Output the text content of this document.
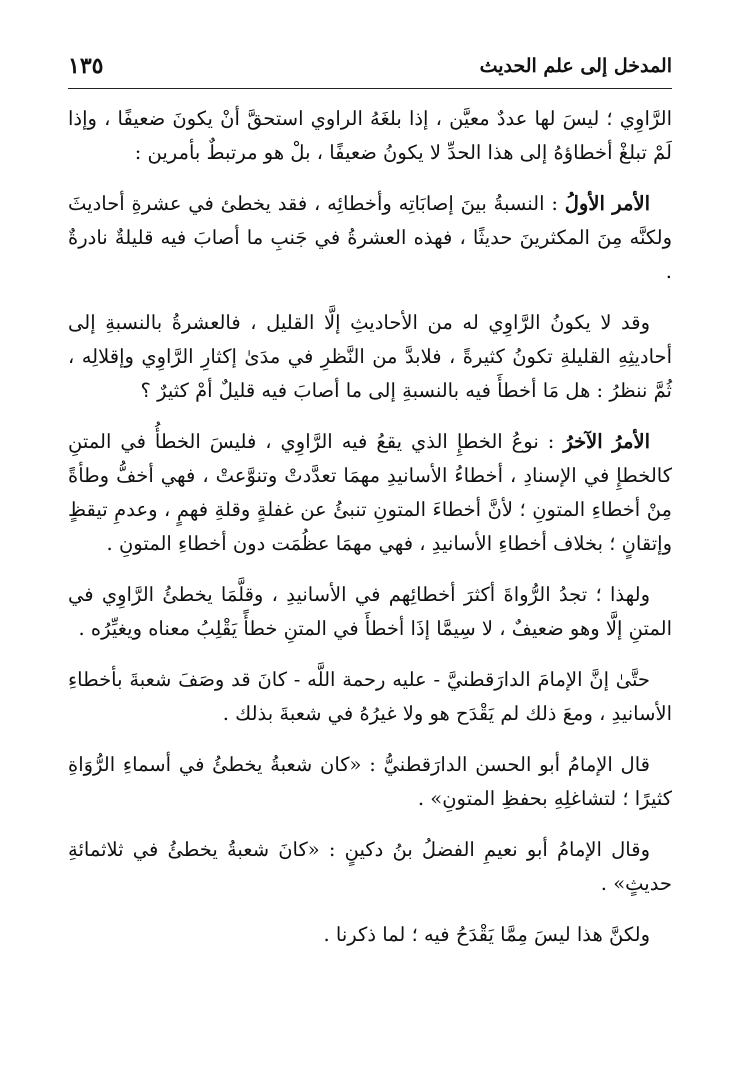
المدخل إلى علم الحديث
١٣٥

الرَّاوِي ؛ ليسَ لها عددٌ معيَّن ، إذا بلغَهُ الراوي استحقَّ أنْ يكونَ ضعيفًا ، وإذا لَمْ تبلغْ أخطاؤهُ إلى هذا الحدِّ لا يكونُ ضعيفًا ، بلْ هو مرتبطٌ بأمرين :

الأمر الأولُ : النسبةُ بينَ إصابَاتِه وأخطائِه ، فقد يخطئ في عشرةِ أحاديثَ ولكنَّه مِنَ المكثرينَ حديثًا ، فهذه العشرةُ في جَنبِ ما أصابَ فيه قليلةٌ نادرةٌ .

وقد لا يكونُ الرَّاوِي له من الأحاديثِ إلَّا القليل ، فالعشرةُ بالنسبةِ إلى أحاديثِهِ القليلةِ تكونُ كثيرةً ، فلابدَّ من النَّظرِ في مدَىٰ إكثارِ الرَّاوِي وإقلالِه ، ثُمَّ ننظرُ : هل مَا أخطأَ فيه بالنسبةِ إلى ما أصابَ فيه قليلٌ أمْ كثيرٌ ؟

الأمرُ الآخرُ : نوعُ الخطإِ الذي يقعُ فيه الرَّاوِي ، فليسَ الخطأُ في المتنِ كالخطإِ في الإسنادِ ، أخطاءُ الأسانيدِ مهمَا تعدَّدتْ وتنوَّعتْ ، فهي أخفُّ وطأةً مِنْ أخطاءِ المتونِ ؛ لأنَّ أخطاءَ المتونِ تنبئُ عن غفلةٍ وقلةِ فهمٍ ، وعدمِ تيقظٍ وإتقانٍ ؛ بخلاف أخطاءِ الأسانيدِ ، فهي مهمَا عظُمَت دون أخطاءِ المتونِ .

ولهذا ؛ تجدُ الرُّواةَ أكثرَ أخطائِهم في الأسانيدِ ، وقلَّمَا يخطئُ الرَّاوِي في المتنِ إلَّا وهو ضعيفٌ ، لا سِيمَّا إذَا أخطأَ في المتنِ خطأً يَقْلِبُ معناه ويغيِّرُه .

حتَّىٰ إنَّ الإمامَ الدارَقطنيَّ - عليه رحمة اللَّه - كانَ قد وصَفَ شعبةَ بأخطاءِ الأسانيدِ ، ومعَ ذلك لم يَقْدَح هو ولا غيرُهُ في شعبةَ بذلك .

قال الإمامُ أبو الحسن الدارَقطنيُّ : «كان شعبةُ يخطئُ في أسماءِ الرُّوَاةِ كثيرًا ؛ لتشاغلِهِ بحفظِ المتونِ» .

وقال الإمامُ أبو نعيمِ الفضلُ بنُ دكينٍ : «كانَ شعبةُ يخطئُ في ثلاثمائةِ حديثٍ» .

ولكنَّ هذا ليسَ مِمَّا يَقْدَحُ فيه ؛ لما ذكرنا .
